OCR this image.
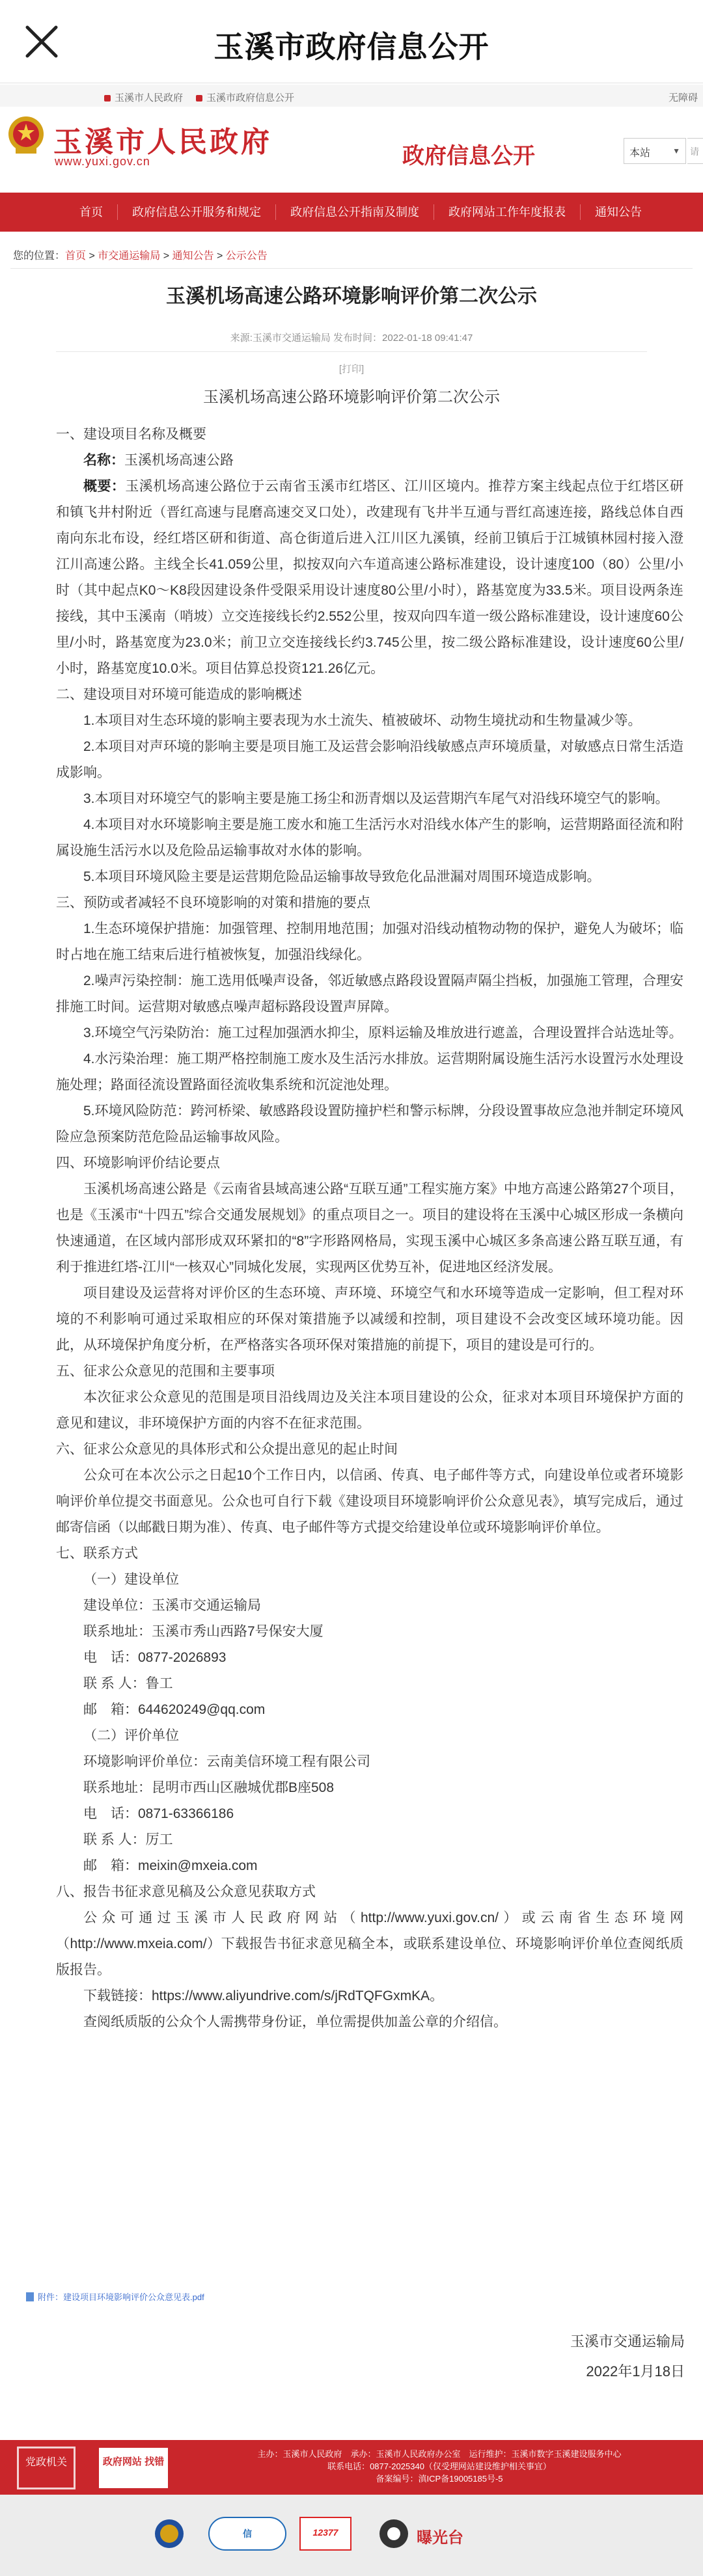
玉溪市政府信息公开
玉溪市人民政府	玉溪市政府信息公开	无障碍
玉溪市人民政府
www.yuxi.gov.cn	政府信息公开	本站	▼ 请
首页	政府信息公开服务和规定	政府信息公开指南及制度	政府网站工作年度报表	通知公告
您的位置：首页 > 市交通运输局 > 通知公告 > 公示公告
玉溪机场高速公路环境影响评价第二次公示
来源:玉溪市交通运输局 发布时间：2022-01-18 09:41:47
[打印]
玉溪机场高速公路环境影响评价第二次公示

一、建设项目名称及概要

名称：玉溪机场高速公路

概要：玉溪机场高速公路位于云南省玉溪市红塔区、江川区境内。推荐方案主线起点位于红塔区研和镇飞井村附近（晋红高速与昆磨高速交叉口处），改建现有飞井半互通与晋红高速连接，路线总体自西南向东北布设，经红塔区研和街道、高仓街道后进入江川区九溪镇，经前卫镇后于江城镇林园村接入澄江川高速公路。主线全长41.059公里，拟按双向六车道高速公路标准建设，设计速度100（80）公里/小时（其中起点K0～K8段因建设条件受限采用设计速度80公里/小时），路基宽度为33.5米。项目设两条连接线，其中玉溪南（哨坡）立交连接线长约2.552公里，按双向四车道一级公路标准建设，设计速度60公里/小时，路基宽度为23.0米；前卫立交连接线长约3.745公里，按二级公路标准建设，设计速度60公里/小时，路基宽度10.0米。项目估算总投资121.26亿元。

二、建设项目对环境可能造成的影响概述

1.本项目对生态环境的影响主要表现为水土流失、植被破坏、动物生境扰动和生物量减少等。

2.本项目对声环境的影响主要是项目施工及运营会影响沿线敏感点声环境质量，对敏感点日常生活造成影响。

3.本项目对环境空气的影响主要是施工扬尘和沥青烟以及运营期汽车尾气对沿线环境空气的影响。

4.本项目对水环境影响主要是施工废水和施工生活污水对沿线水体产生的影响，运营期路面径流和附属设施生活污水以及危险品运输事故对水体的影响。

5.本项目环境风险主要是运营期危险品运输事故导致危化品泄漏对周围环境造成影响。

三、预防或者减轻不良环境影响的对策和措施的要点

1.生态环境保护措施：加强管理、控制用地范围；加强对沿线动植物动物的保护，避免人为破坏；临时占地在施工结束后进行植被恢复，加强沿线绿化。

2.噪声污染控制：施工选用低噪声设备，邻近敏感点路段设置隔声隔尘挡板，加强施工管理，合理安排施工时间。运营期对敏感点噪声超标路段设置声屏障。

3.环境空气污染防治：施工过程加强洒水抑尘，原料运输及堆放进行遮盖，合理设置拌合站选址等。

4.水污染治理：施工期严格控制施工废水及生活污水排放。运营期附属设施生活污水设置污水处理设施处理；路面径流设置路面径流收集系统和沉淀池处理。

5.环境风险防范：跨河桥梁、敏感路段设置防撞护栏和警示标牌，分段设置事故应急池并制定环境风险应急预案防范危险品运输事故风险。

四、环境影响评价结论要点

玉溪机场高速公路是《云南省县域高速公路“互联互通”工程实施方案》中地方高速公路第27个项目，也是《玉溪市“十四五”综合交通发展规划》的重点项目之一。项目的建设将在玉溪中心城区形成一条横向快速通道，在区域内部形成双环紧扣的“8”字形路网格局，实现玉溪中心城区多条高速公路互联互通，有利于推进红塔-江川“一核双心”同城化发展，实现两区优势互补，促进地区经济发展。

项目建设及运营将对评价区的生态环境、声环境、环境空气和水环境等造成一定影响，但工程对环境的不利影响可通过采取相应的环保对策措施予以减缓和控制，项目建设不会改变区域环境功能。因此，从环境保护角度分析，在严格落实各项环保对策措施的前提下，项目的建设是可行的。

五、征求公众意见的范围和主要事项

本次征求公众意见的范围是项目沿线周边及关注本项目建设的公众，征求对本项目环境保护方面的意见和建议，非环境保护方面的内容不在征求范围。

六、征求公众意见的具体形式和公众提出意见的起止时间

公众可在本次公示之日起10个工作日内，以信函、传真、电子邮件等方式，向建设单位或者环境影响评价单位提交书面意见。公众也可自行下载《建设项目环境影响评价公众意见表》，填写完成后，通过邮寄信函（以邮戳日期为准）、传真、电子邮件等方式提交给建设单位或环境影响评价单位。

七、联系方式

（一）建设单位

建设单位：玉溪市交通运输局

联系地址：玉溪市秀山西路7号保安大厦

电　话：0877-2026893

联 系 人：鲁工

邮　箱：644620249@qq.com

（二）评价单位

环境影响评价单位：云南美信环境工程有限公司

联系地址：昆明市西山区融城优郡B座508

电　话：0871-63366186

联 系 人：厉工

邮　箱：meixin@mxeia.com

八、报告书征求意见稿及公众意见获取方式

公众可通过玉溪市人民政府网站（http://www.yuxi.gov.cn/）或云南省生态环境网（http://www.mxeia.com/）下载报告书征求意见稿全本，或联系建设单位、环境影响评价单位查阅纸质版报告。

下载链接：https://www.aliyundrive.com/s/jRdTQFGxmKA。

查阅纸质版的公众个人需携带身份证，单位需提供加盖公章的介绍信。

附件：建设项目环境影响评价公众意见表.pdf
玉溪市交通运输局
2022年1月18日
党政机关	政府网站 找错
主办：玉溪市人民政府　承办：玉溪市人民政府办公室　运行维护：玉溪市数字玉溪建设服务中心
联系电话：0877-2025340（仅受理网站建设维护相关事宜）
备案编号：滇ICP备19005185号-5
信	12377	曝光台
